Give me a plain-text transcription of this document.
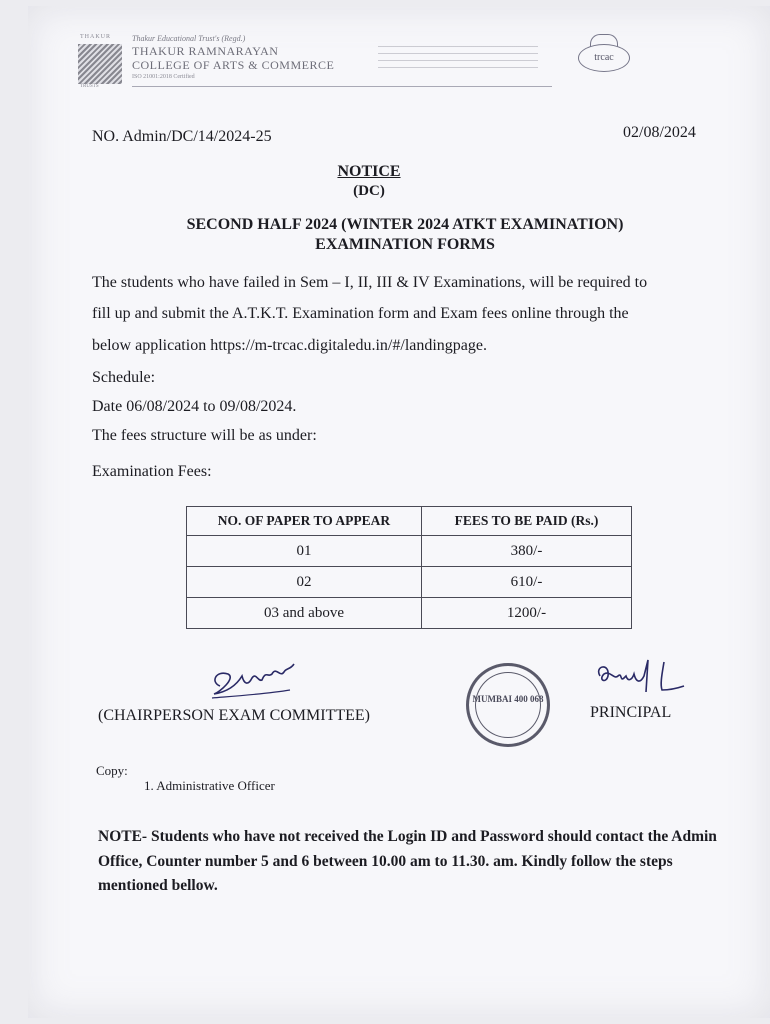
THAKUR
TRUSTS
Thakur Educational Trust's (Regd.)
THAKUR RAMNARAYAN
COLLEGE OF ARTS & COMMERCE
ISO 21001:2018 Certified
trcac
NO. Admin/DC/14/2024-25	02/08/2024
NOTICE
(DC)
SECOND HALF 2024 (WINTER 2024 ATKT EXAMINATION)
EXAMINATION FORMS
The students who have failed in Sem – I, II, III & IV Examinations, will be required to
fill up and submit the A.T.K.T. Examination form and Exam fees online through the
below application https://m-trcac.digitaledu.in/#/landingpage.
Schedule:
Date 06/08/2024 to 09/08/2024.
The fees structure will be as under:
Examination Fees:
NO. OF PAPER TO APPEAR	FEES TO BE PAID (Rs.)
01	380/-
02	610/-
03 and above	1200/-
MUMBAI 400 068
(CHAIRPERSON EXAM COMMITTEE)	PRINCIPAL
Copy:
1. Administrative Officer
NOTE- Students who have not received the Login ID and Password should contact the Admin Office, Counter number 5 and 6 between 10.00 am to 11.30. am. Kindly follow the steps mentioned bellow.
